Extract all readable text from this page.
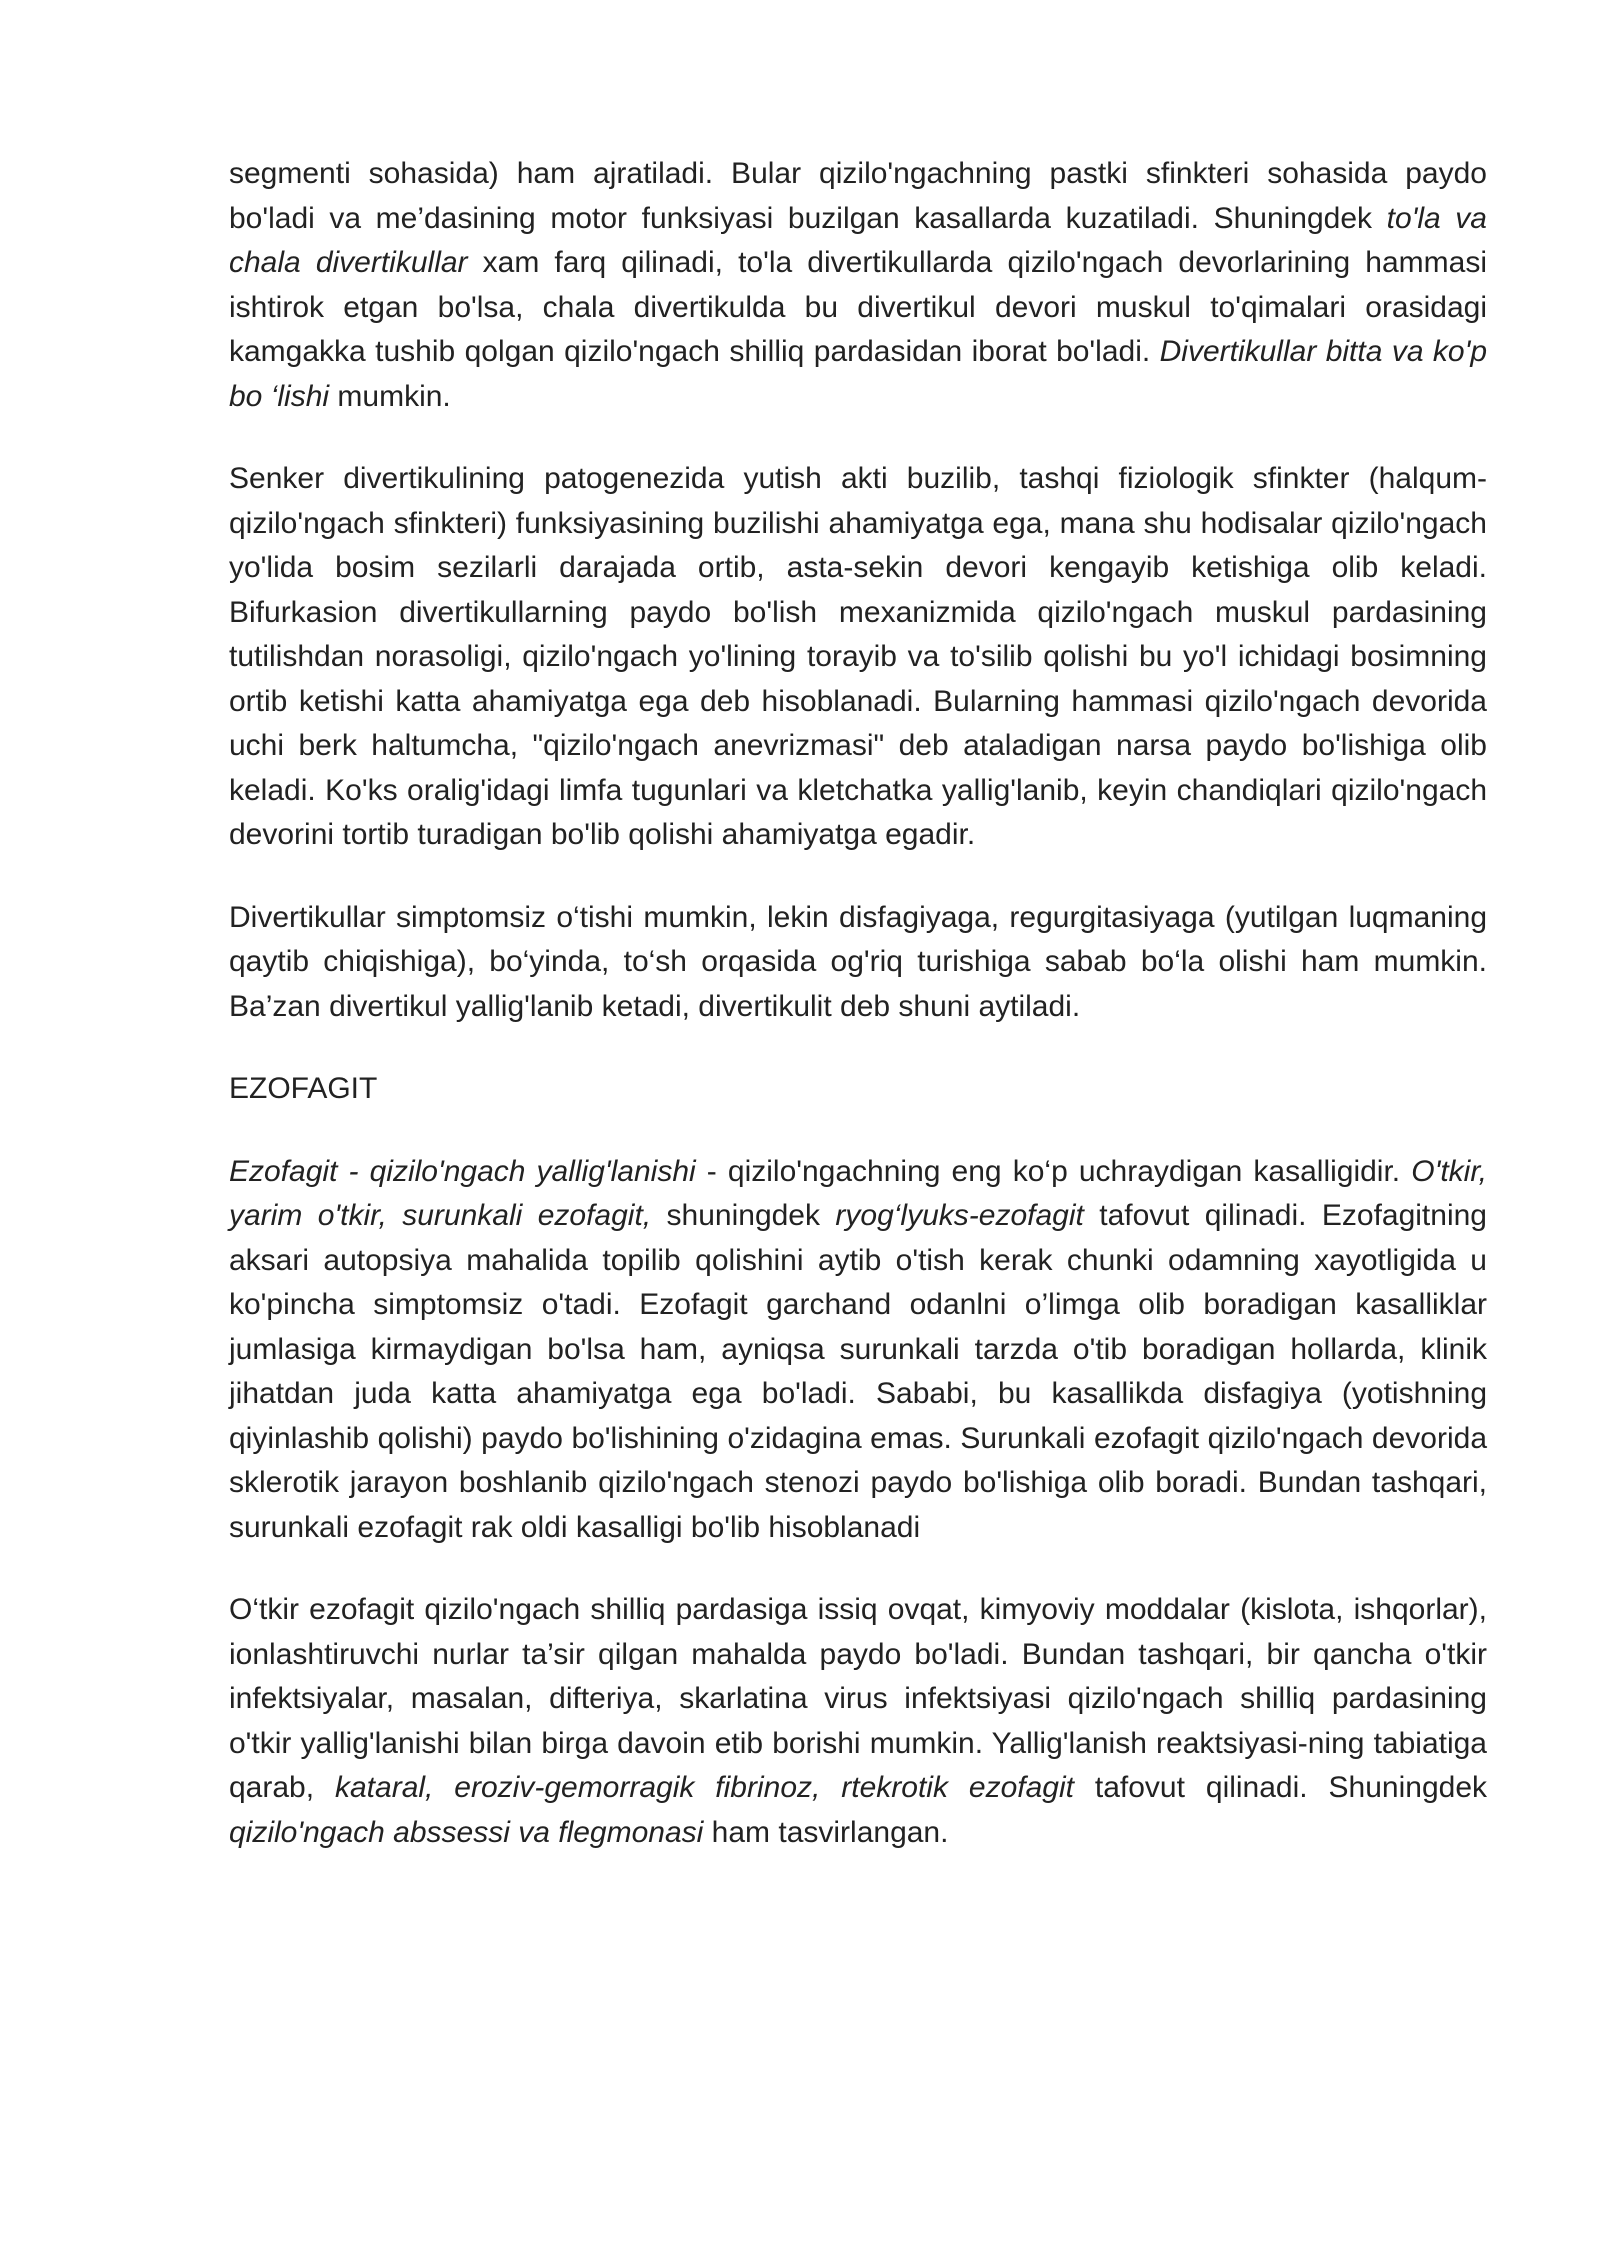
segmenti sohasida) ham ajratiladi. Bular qizilo'ngachning pastki sfinkteri sohasida paydo bo'ladi va me’dasining motor funksiyasi buzilgan kasallarda kuzatiladi. Shuningdek to'la va chala divertikullar xam farq qilinadi, to'la divertikullarda qizilo'ngach devorlarining hammasi ishtirok etgan bo'lsa, chala divertikulda bu divertikul devori muskul to'qimalari orasidagi kamgakka tushib qolgan qizilo'ngach shilliq pardasidan iborat bo'ladi. Divertikullar bitta va ko'p bo ‘lishi mumkin.

Senker divertikulining patogenezida yutish akti buzilib, tashqi fiziologik sfinkter (halqum-qizilo'ngach sfinkteri) funksiyasining buzilishi ahamiyatga ega, mana shu hodisalar qizilo'ngach yo'lida bosim sezilarli darajada ortib, asta-sekin devori kengayib ketishiga olib keladi. Bifurkasion divertikullarning paydo bo'lish mexanizmida qizilo'ngach muskul pardasining tutilishdan norasoligi, qizilo'ngach yo'lining torayib va to'silib qolishi bu yo'l ichidagi bosimning ortib ketishi katta ahamiyatga ega deb hisoblanadi. Bularning hammasi qizilo'ngach devorida uchi berk haltumcha, "qizilo'ngach anevrizmasi" deb ataladigan narsa paydo bo'lishiga olib keladi. Ko'ks oralig'idagi limfa tugunlari va kletchatka yallig'lanib, keyin chandiqlari qizilo'ngach devorini tortib turadigan bo'lib qolishi ahamiyatga egadir.

Divertikullar simptomsiz o‘tishi mumkin, lekin disfagiyaga, regurgitasiyaga (yutilgan luqmaning qaytib chiqishiga), bo‘yinda, to‘sh orqasida og'riq turishiga sabab bo‘la olishi ham mumkin. Ba’zan divertikul yallig'lanib ketadi, divertikulit deb shuni aytiladi.

EZOFAGIT

Ezofagit - qizilo'ngach yallig'lanishi - qizilo'ngachning eng ko‘p uchraydigan kasalligidir. O'tkir, yarim o'tkir, surunkali ezofagit, shuningdek ryog‘lyuks-ezofagit tafovut qilinadi. Ezofagitning aksari autopsiya mahalida topilib qolishini aytib o'tish kerak chunki odamning xayotligida u ko'pincha simptomsiz o'tadi. Ezofagit garchand odanlni o’limga olib boradigan kasalliklar jumlasiga kirmaydigan bo'lsa ham, ayniqsa surunkali tarzda o'tib boradigan hollarda, klinik jihatdan juda katta ahamiyatga ega bo'ladi. Sababi, bu kasallikda disfagiya (yotishning qiyinlashib qolishi) paydo bo'lishining o'zidagina emas. Surunkali ezofagit qizilo'ngach devorida sklerotik jarayon boshlanib qizilo'ngach stenozi paydo bo'lishiga olib boradi. Bundan tashqari, surunkali ezofagit rak oldi kasalligi bo'lib hisoblanadi

O‘tkir ezofagit qizilo'ngach shilliq pardasiga issiq ovqat, kimyoviy moddalar (kislota, ishqorlar), ionlashtiruvchi nurlar ta’sir qilgan mahalda paydo bo'ladi. Bundan tashqari, bir qancha o'tkir infektsiyalar, masalan, difteriya, skarlatina virus infektsiyasi qizilo'ngach shilliq pardasining o'tkir yallig'lanishi bilan birga davoin etib borishi mumkin. Yallig'lanish reaktsiyasi-ning tabiatiga qarab, kataral, eroziv-gemorragik fibrinoz, rtekrotik ezofagit tafovut qilinadi. Shuningdek qizilo'ngach abssessi va flegmonasi ham tasvirlangan.
